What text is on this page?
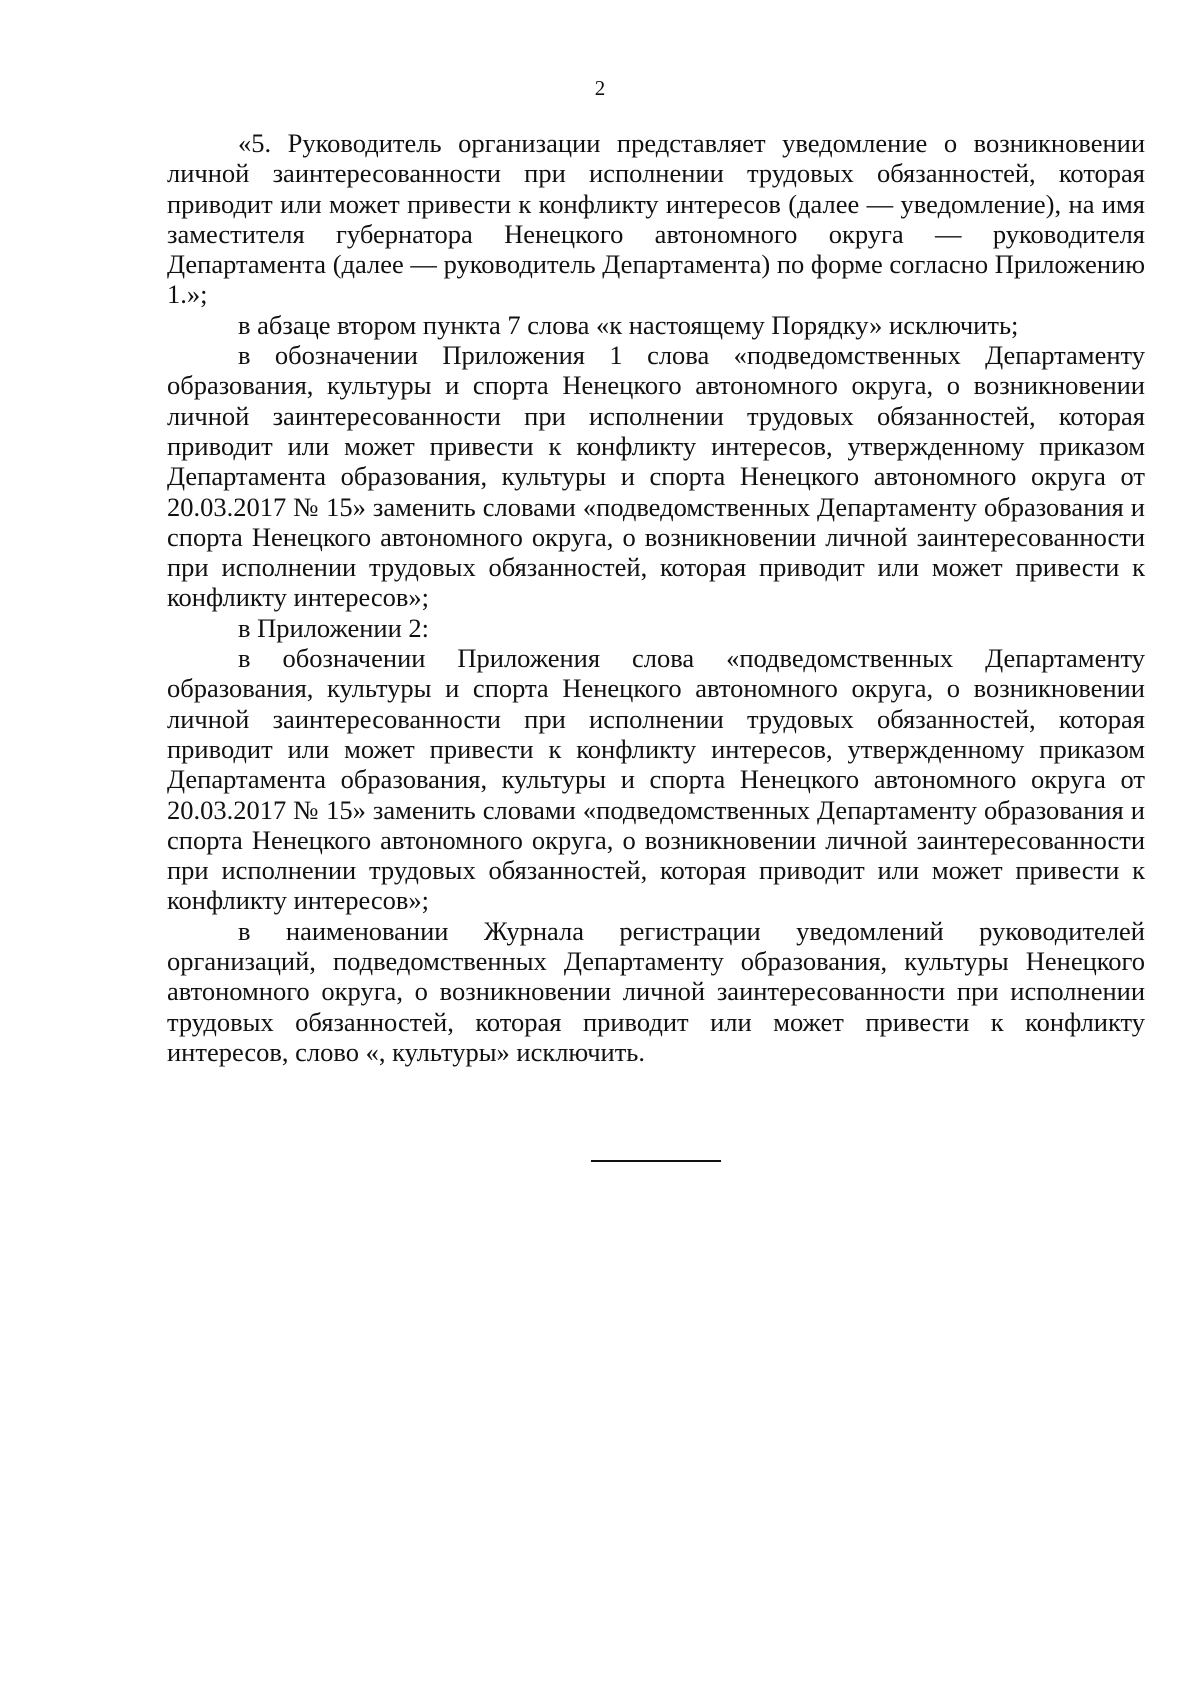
2

«5. Руководитель организации представляет уведомление о возникновении личной заинтересованности при исполнении трудовых обязанностей, которая приводит или может привести к конфликту интересов (далее — уведомление), на имя заместителя губернатора Ненецкого автономного округа — руководителя Департамента (далее — руководитель Департамента) по форме согласно Приложению 1.»;

в абзаце втором пункта 7 слова «к настоящему Порядку» исключить;

в обозначении Приложения 1 слова «подведомственных Департаменту образования, культуры и спорта Ненецкого автономного округа, о возникновении личной заинтересованности при исполнении трудовых обязанностей, которая приводит или может привести к конфликту интересов, утвержденному приказом Департамента образования, культуры и спорта Ненецкого автономного округа от 20.03.2017 № 15» заменить словами «подведомственных Департаменту образования и спорта Ненецкого автономного округа, о возникновении личной заинтересованности при исполнении трудовых обязанностей, которая приводит или может привести к конфликту интересов»;

в Приложении 2:

в обозначении Приложения слова «подведомственных Департаменту образования, культуры и спорта Ненецкого автономного округа, о возникновении личной заинтересованности при исполнении трудовых обязанностей, которая приводит или может привести к конфликту интересов, утвержденному приказом Департамента образования, культуры и спорта Ненецкого автономного округа от 20.03.2017 № 15» заменить словами «подведомственных Департаменту образования и спорта Ненецкого автономного округа, о возникновении личной заинтересованности при исполнении трудовых обязанностей, которая приводит или может привести к конфликту интересов»;

в наименовании Журнала регистрации уведомлений руководителей организаций, подведомственных Департаменту образования, культуры Ненецкого автономного округа, о возникновении личной заинтересованности при исполнении трудовых обязанностей, которая приводит или может привести к конфликту интересов, слово «, культуры» исключить.
